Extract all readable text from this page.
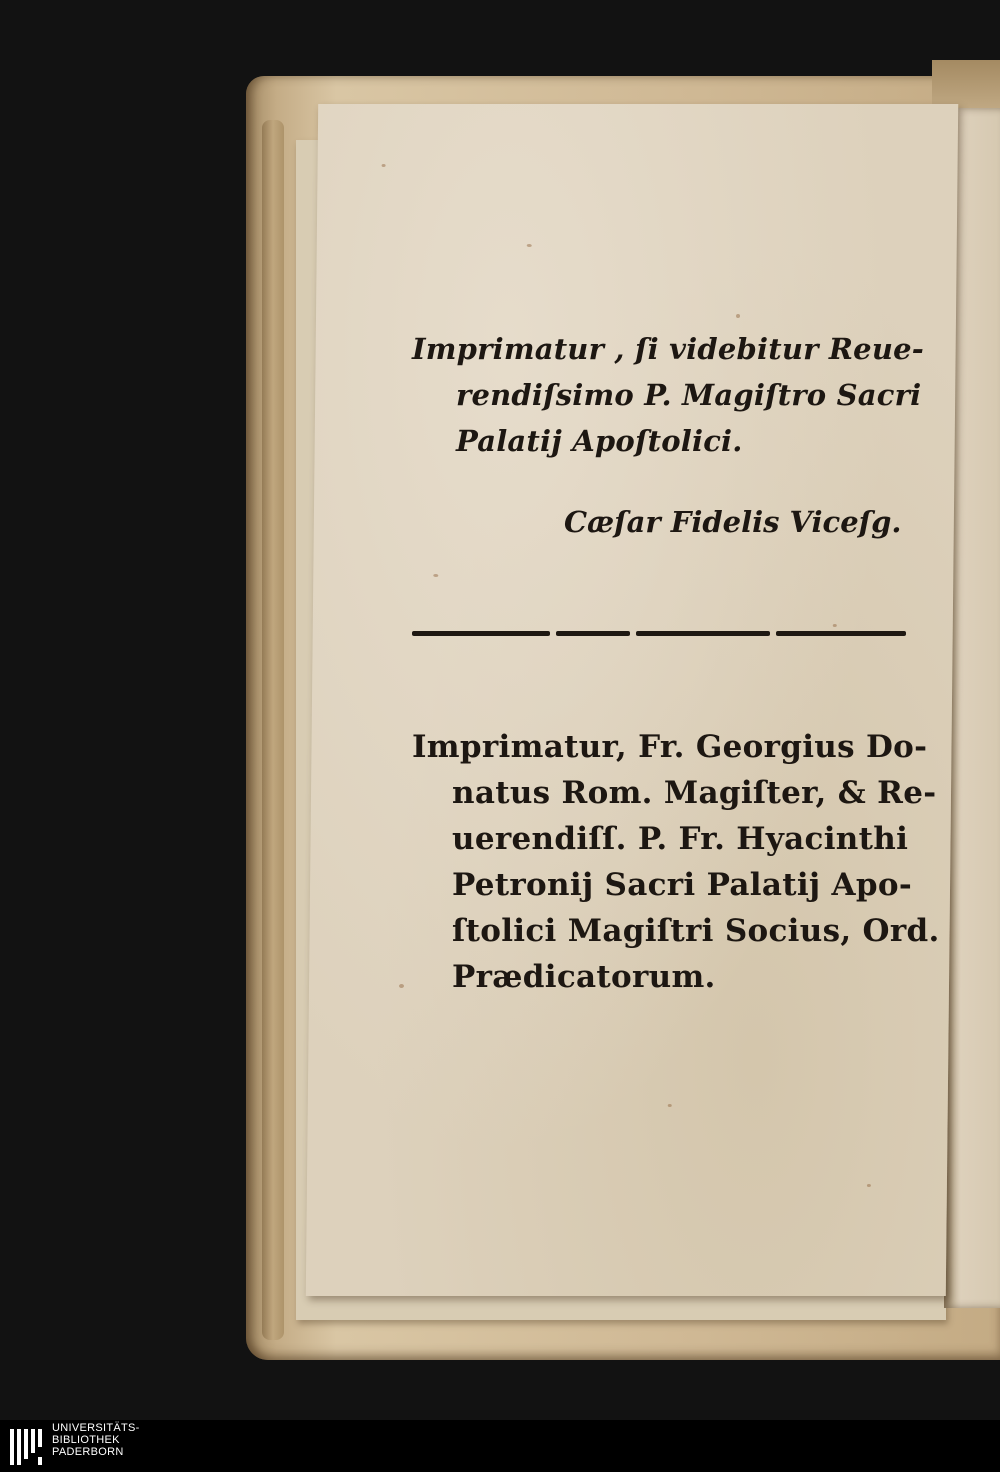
Imprimatur , ſi videbitur Reue-
rendiſsimo P. Magiſtro Sacri
Palatij Apoſtolici.
Cæſar Fidelis Viceſg.
Imprimatur, Fr. Georgius Do-
natus Rom. Magiſter, & Re-
uerendiſſ. P. Fr. Hyacinthi
Petronij Sacri Palatij Apo-
ſtolici Magiſtri Socius, Ord.
Prædicatorum.
UNIVERSITÄTS-
BIBLIOTHEK
PADERBORN
